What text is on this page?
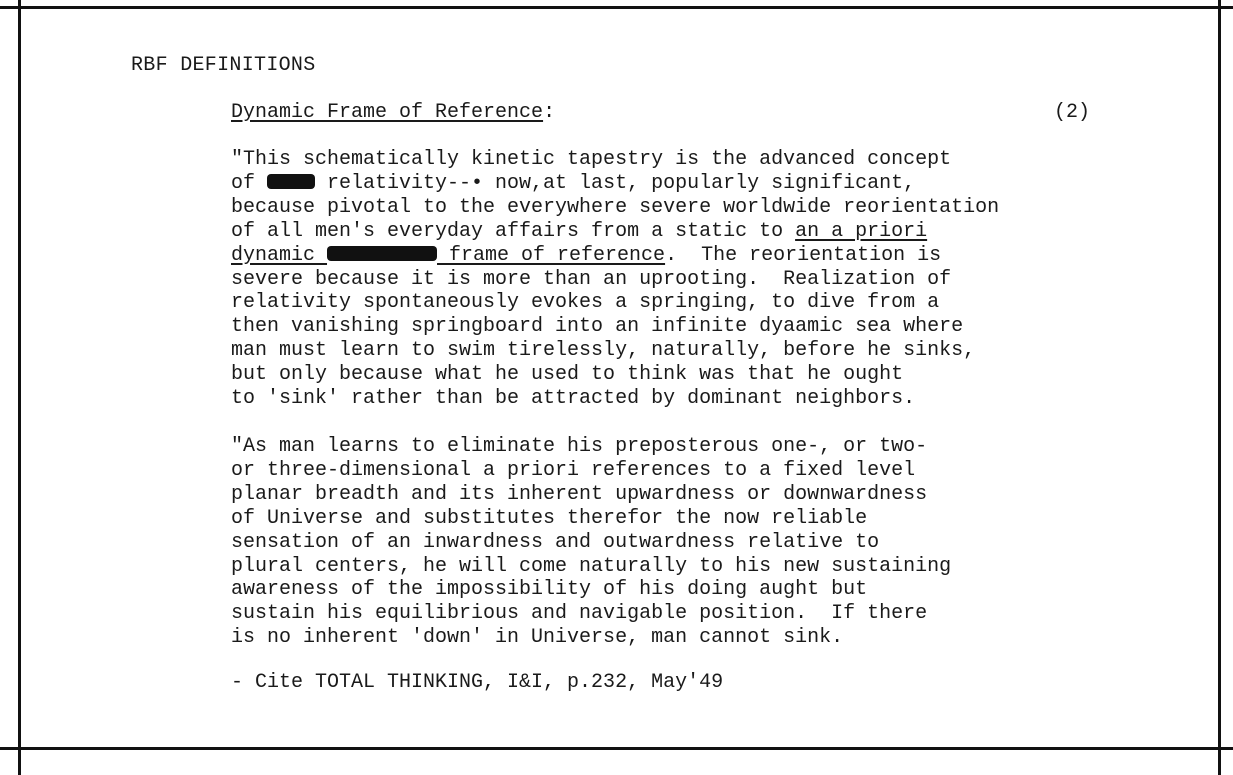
RBF DEFINITIONS
Dynamic Frame of Reference:	(2)
"This schematically kinetic tapestry is the advanced concept
of  relativity--• now,at last, popularly significant,
because pivotal to the everywhere severe worldwide reorientation
of all men's everyday affairs from a static to an a priori
dynamic	frame of reference.  The reorientation is
severe because it is more than an uprooting.  Realization of
relativity spontaneously evokes a springing, to dive from a
then vanishing springboard into an infinite dyaamic sea where
man must learn to swim tirelessly, naturally, before he sinks,
but only because what he used to think was that he ought
to 'sink' rather than be attracted by dominant neighbors.
"As man learns to eliminate his preposterous one-, or two-
or three-dimensional a priori references to a fixed level
planar breadth and its inherent upwardness or downwardness
of Universe and substitutes therefor the now reliable
sensation of an inwardness and outwardness relative to
plural centers, he will come naturally to his new sustaining
awareness of the impossibility of his doing aught but
sustain his equilibrious and navigable position.  If there
is no inherent 'down' in Universe, man cannot sink.
- Cite TOTAL THINKING, I&I, p.232, May'49
